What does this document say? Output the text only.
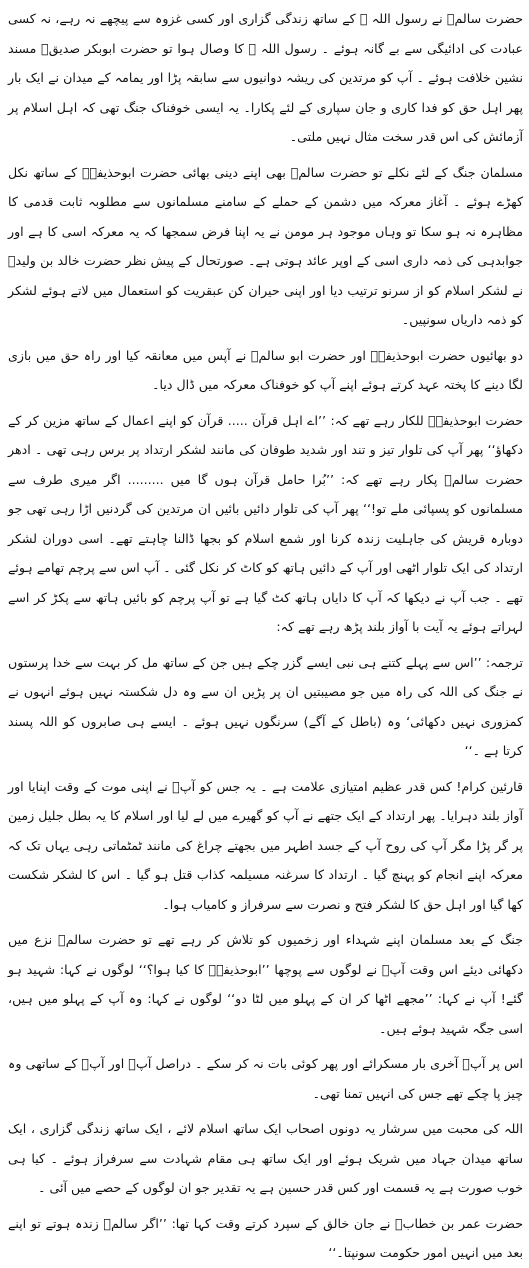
حضرت سالمؓ نے رسول اللہ ﷺ کے ساتھ زندگی گزاری اور کسی غزوہ سے پیچھے نہ رہے، نہ کسی عبادت کی ادائیگی سے بے گانہ ہوئے ۔ رسول اللہ ﷺ کا وصال ہوا تو حضرت ابوبکر صدیقؓ مسند نشین خلافت ہوئے ۔ آپ کو مرتدین کی ریشہ دوانیوں سے سابقہ پڑا اور یمامہ کے میدان نے ایک بار پھر اہل حق کو فدا کاری و جان سپاری کے لئے پکارا۔ یہ ایسی خوفناک جنگ تھی کہ اہل اسلام پر آزمائش کی اس قدر سخت مثال نہیں ملتی۔

مسلمان جنگ کے لئے نکلے تو حضرت سالمؓ بھی اپنے دینی بھائی حضرت ابوحذیفہؓ کے ساتھ نکل کھڑے ہوئے ۔ آغاز معرکہ میں دشمن کے حملے کے سامنے مسلمانوں سے مطلوبہ ثابت قدمی کا مظاہرہ نہ ہو سکا تو وہاں موجود ہر مومن نے یہ اپنا فرض سمجھا کہ یہ معرکہ اسی کا ہے اور جوابدہی کی ذمہ داری اسی کے اوپر عائد ہوتی ہے۔ صورتحال کے پیش نظر حضرت خالد بن ولیدؓ نے لشکر اسلام کو از سرنو ترتیب دیا اور اپنی حیران کن عبقریت کو استعمال میں لاتے ہوئے لشکر کو ذمہ داریاں سونپیں۔

دو بھائیوں حضرت ابوحذیفہؓ اور حضرت ابو سالمؓ نے آپس میں معانقہ کیا اور راہ حق میں بازی لگا دینے کا پختہ عہد کرتے ہوئے اپنے آپ کو خوفناک معرکہ میں ڈال دیا۔

حضرت ابوحذیفہؓ للکار رہے تھے کہ: ’’اے اہل قرآن ..... قرآن کو اپنے اعمال کے ساتھ مزین کر کے دکھاؤ‘‘ پھر آپ کی تلوار تیز و تند اور شدید طوفان کی مانند لشکر ارتداد پر برس رہی تھی ۔ ادھر حضرت سالمؓ پکار رہے تھے کہ: ’’بُرا حامل قرآن ہوں گا میں ......... اگر میری طرف سے مسلمانوں کو پسپائی ملے تو!‘‘ پھر آپ کی تلوار دائیں بائیں ان مرتدین کی گردنیں اڑا رہی تھی جو دوبارہ قریش کی جاہلیت زندہ کرنا اور شمع اسلام کو بجھا ڈالنا چاہتے تھے۔ اسی دوران لشکر ارتداد کی ایک تلوار اٹھی اور آپ کے دائیں ہاتھ کو کاٹ کر نکل گئی ۔ آپ اس سے پرچم تھامے ہوئے تھے ۔ جب آپ نے دیکھا کہ آپ کا دایاں ہاتھ کٹ گیا ہے تو آپ پرچم کو بائیں ہاتھ سے پکڑ کر اسے لہراتے ہوئے یہ آیت با آواز بلند پڑھ رہے تھے کہ:

ترجمہ: ’’اس سے پہلے کتنے ہی نبی ایسے گزر چکے ہیں جن کے ساتھ مل کر بہت سے خدا پرستوں نے جنگ کی اللہ کی راہ میں جو مصیبتیں ان پر پڑیں ان سے وہ دل شکستہ نہیں ہوئے انہوں نے کمزوری نہیں دکھائی‘ وہ (باطل کے آگے) سرنگوں نہیں ہوئے ۔ ایسے ہی صابروں کو اللہ پسند کرتا ہے ۔‘‘

قارئین کرام! کس قدر عظیم امتیازی علامت ہے ۔ یہ جس کو آپؓ نے اپنی موت کے وقت اپنایا اور آواز بلند دہرایا۔ پھر ارتداد کے ایک جتھے نے آپ کو گھیرے میں لے لیا اور اسلام کا یہ بطل جلیل زمین پر گر پڑا مگر آپ کی روح آپ کے جسد اطہر میں بجھتے چراغ کی مانند ٹمٹماتی رہی یہاں تک کہ معرکہ اپنے انجام کو پہنچ گیا ۔ ارتداد کا سرغنہ مسیلمہ کذاب قتل ہو گیا ۔ اس کا لشکر شکست کھا گیا اور اہل حق کا لشکر فتح و نصرت سے سرفراز و کامیاب ہوا۔

جنگ کے بعد مسلمان اپنے شہداء اور زخمیوں کو تلاش کر رہے تھے تو حضرت سالمؓ نزع میں دکھائی دیئے اس وقت آپؓ نے لوگوں سے پوچھا ’’ابوحذیفہؓ کا کیا ہوا؟‘‘ لوگوں نے کہا: شہید ہو گئے! آپ نے کہا: ’’مجھے اٹھا کر ان کے پہلو میں لٹا دو‘‘ لوگوں نے کہا: وہ آپ کے پہلو میں ہیں، اسی جگہ شہید ہوئے ہیں۔

اس پر آپؓ آخری بار مسکرائے اور پھر کوئی بات نہ کر سکے ۔ دراصل آپؓ اور آپؓ کے ساتھی وہ چیز پا چکے تھے جس کی انہیں تمنا تھی۔

اللہ کی محبت میں سرشار یہ دونوں اصحاب ایک ساتھ اسلام لائے ، ایک ساتھ زندگی گزاری ، ایک ساتھ میدان جہاد میں شریک ہوئے اور ایک ساتھ ہی مقام شہادت سے سرفراز ہوئے ۔ کیا ہی خوب صورت ہے یہ قسمت اور کس قدر حسین ہے یہ تقدیر جو ان لوگوں کے حصے میں آئی ۔

حضرت عمر بن خطابؓ نے جان خالق کے سپرد کرتے وقت کہا تھا: ’’اگر سالمؓ زندہ ہوتے تو اپنے بعد میں انہیں امور حکومت سونپتا۔‘‘
